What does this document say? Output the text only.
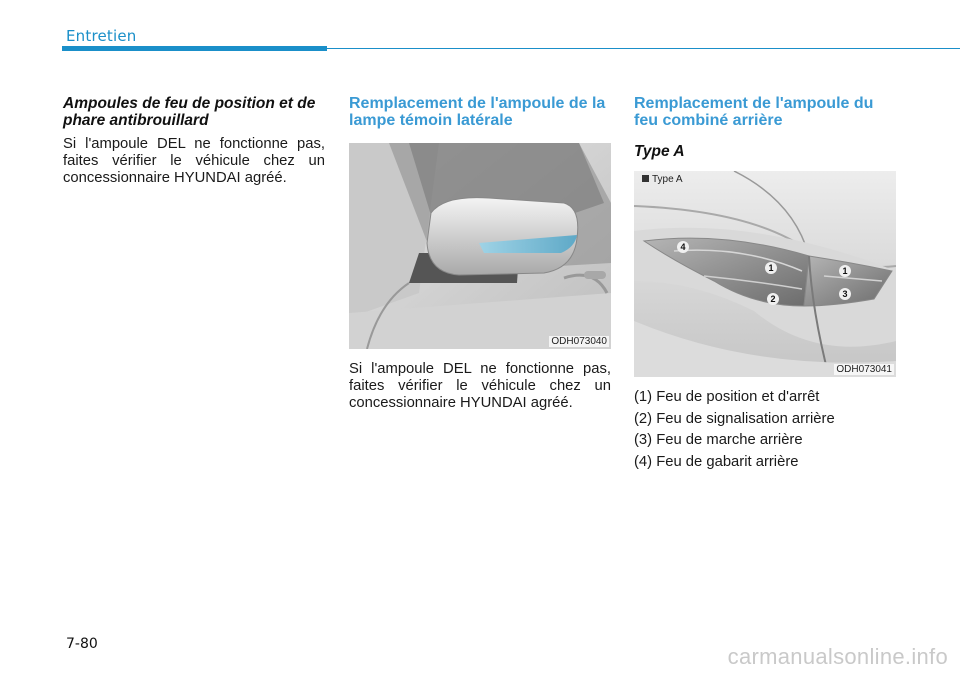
Entretien

Ampoules de feu de position et de phare antibrouillard

Si l'ampoule DEL ne fonctionne pas, faites vérifier le véhicule chez un concessionnaire HYUNDAI agréé.

Remplacement de l'ampoule de la lampe témoin latérale
ODH073040

Si l'ampoule DEL ne fonctionne pas, faites vérifier le véhicule chez un concessionnaire HYUNDAI agréé.

Remplacement de l'ampoule du feu combiné arrière

Type A

Type A
4
1	1
2	3
ODH073041
(1) Feu de position et d'arrêt
(2) Feu de signalisation arrière
(3) Feu de marche arrière
(4) Feu de gabarit arrière
7-80	carmanualsonline.info
